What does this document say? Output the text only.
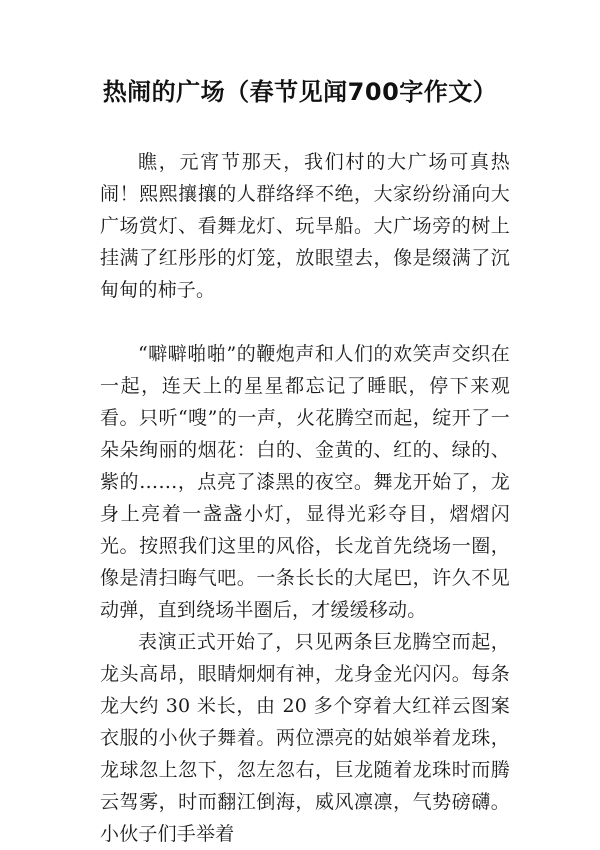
热闹的广场（春节见闻700字作文）

瞧，元宵节那天，我们村的大广场可真热闹！熙熙攘攘的人群络绎不绝，大家纷纷涌向大广场赏灯、看舞龙灯、玩旱船。大广场旁的树上挂满了红彤彤的灯笼，放眼望去，像是缀满了沉甸甸的柿子。

“噼噼啪啪”的鞭炮声和人们的欢笑声交织在一起，连天上的星星都忘记了睡眠，停下来观看。只听“嗖”的一声，火花腾空而起，绽开了一朵朵绚丽的烟花：白的、金黄的、红的、绿的、紫的……，点亮了漆黑的夜空。舞龙开始了，龙身上亮着一盏盏小灯，显得光彩夺目，熠熠闪光。按照我们这里的风俗，长龙首先绕场一圈，像是清扫晦气吧。一条长长的大尾巴，许久不见动弹，直到绕场半圈后，才缓缓移动。

表演正式开始了，只见两条巨龙腾空而起，龙头高昂，眼睛炯炯有神，龙身金光闪闪。每条龙大约 30 米长，由 20 多个穿着大红祥云图案衣服的小伙子舞着。两位漂亮的姑娘举着龙珠，龙球忽上忽下，忽左忽右，巨龙随着龙珠时而腾云驾雾，时而翻江倒海，威风凛凛，气势磅礴。小伙子们手举着
